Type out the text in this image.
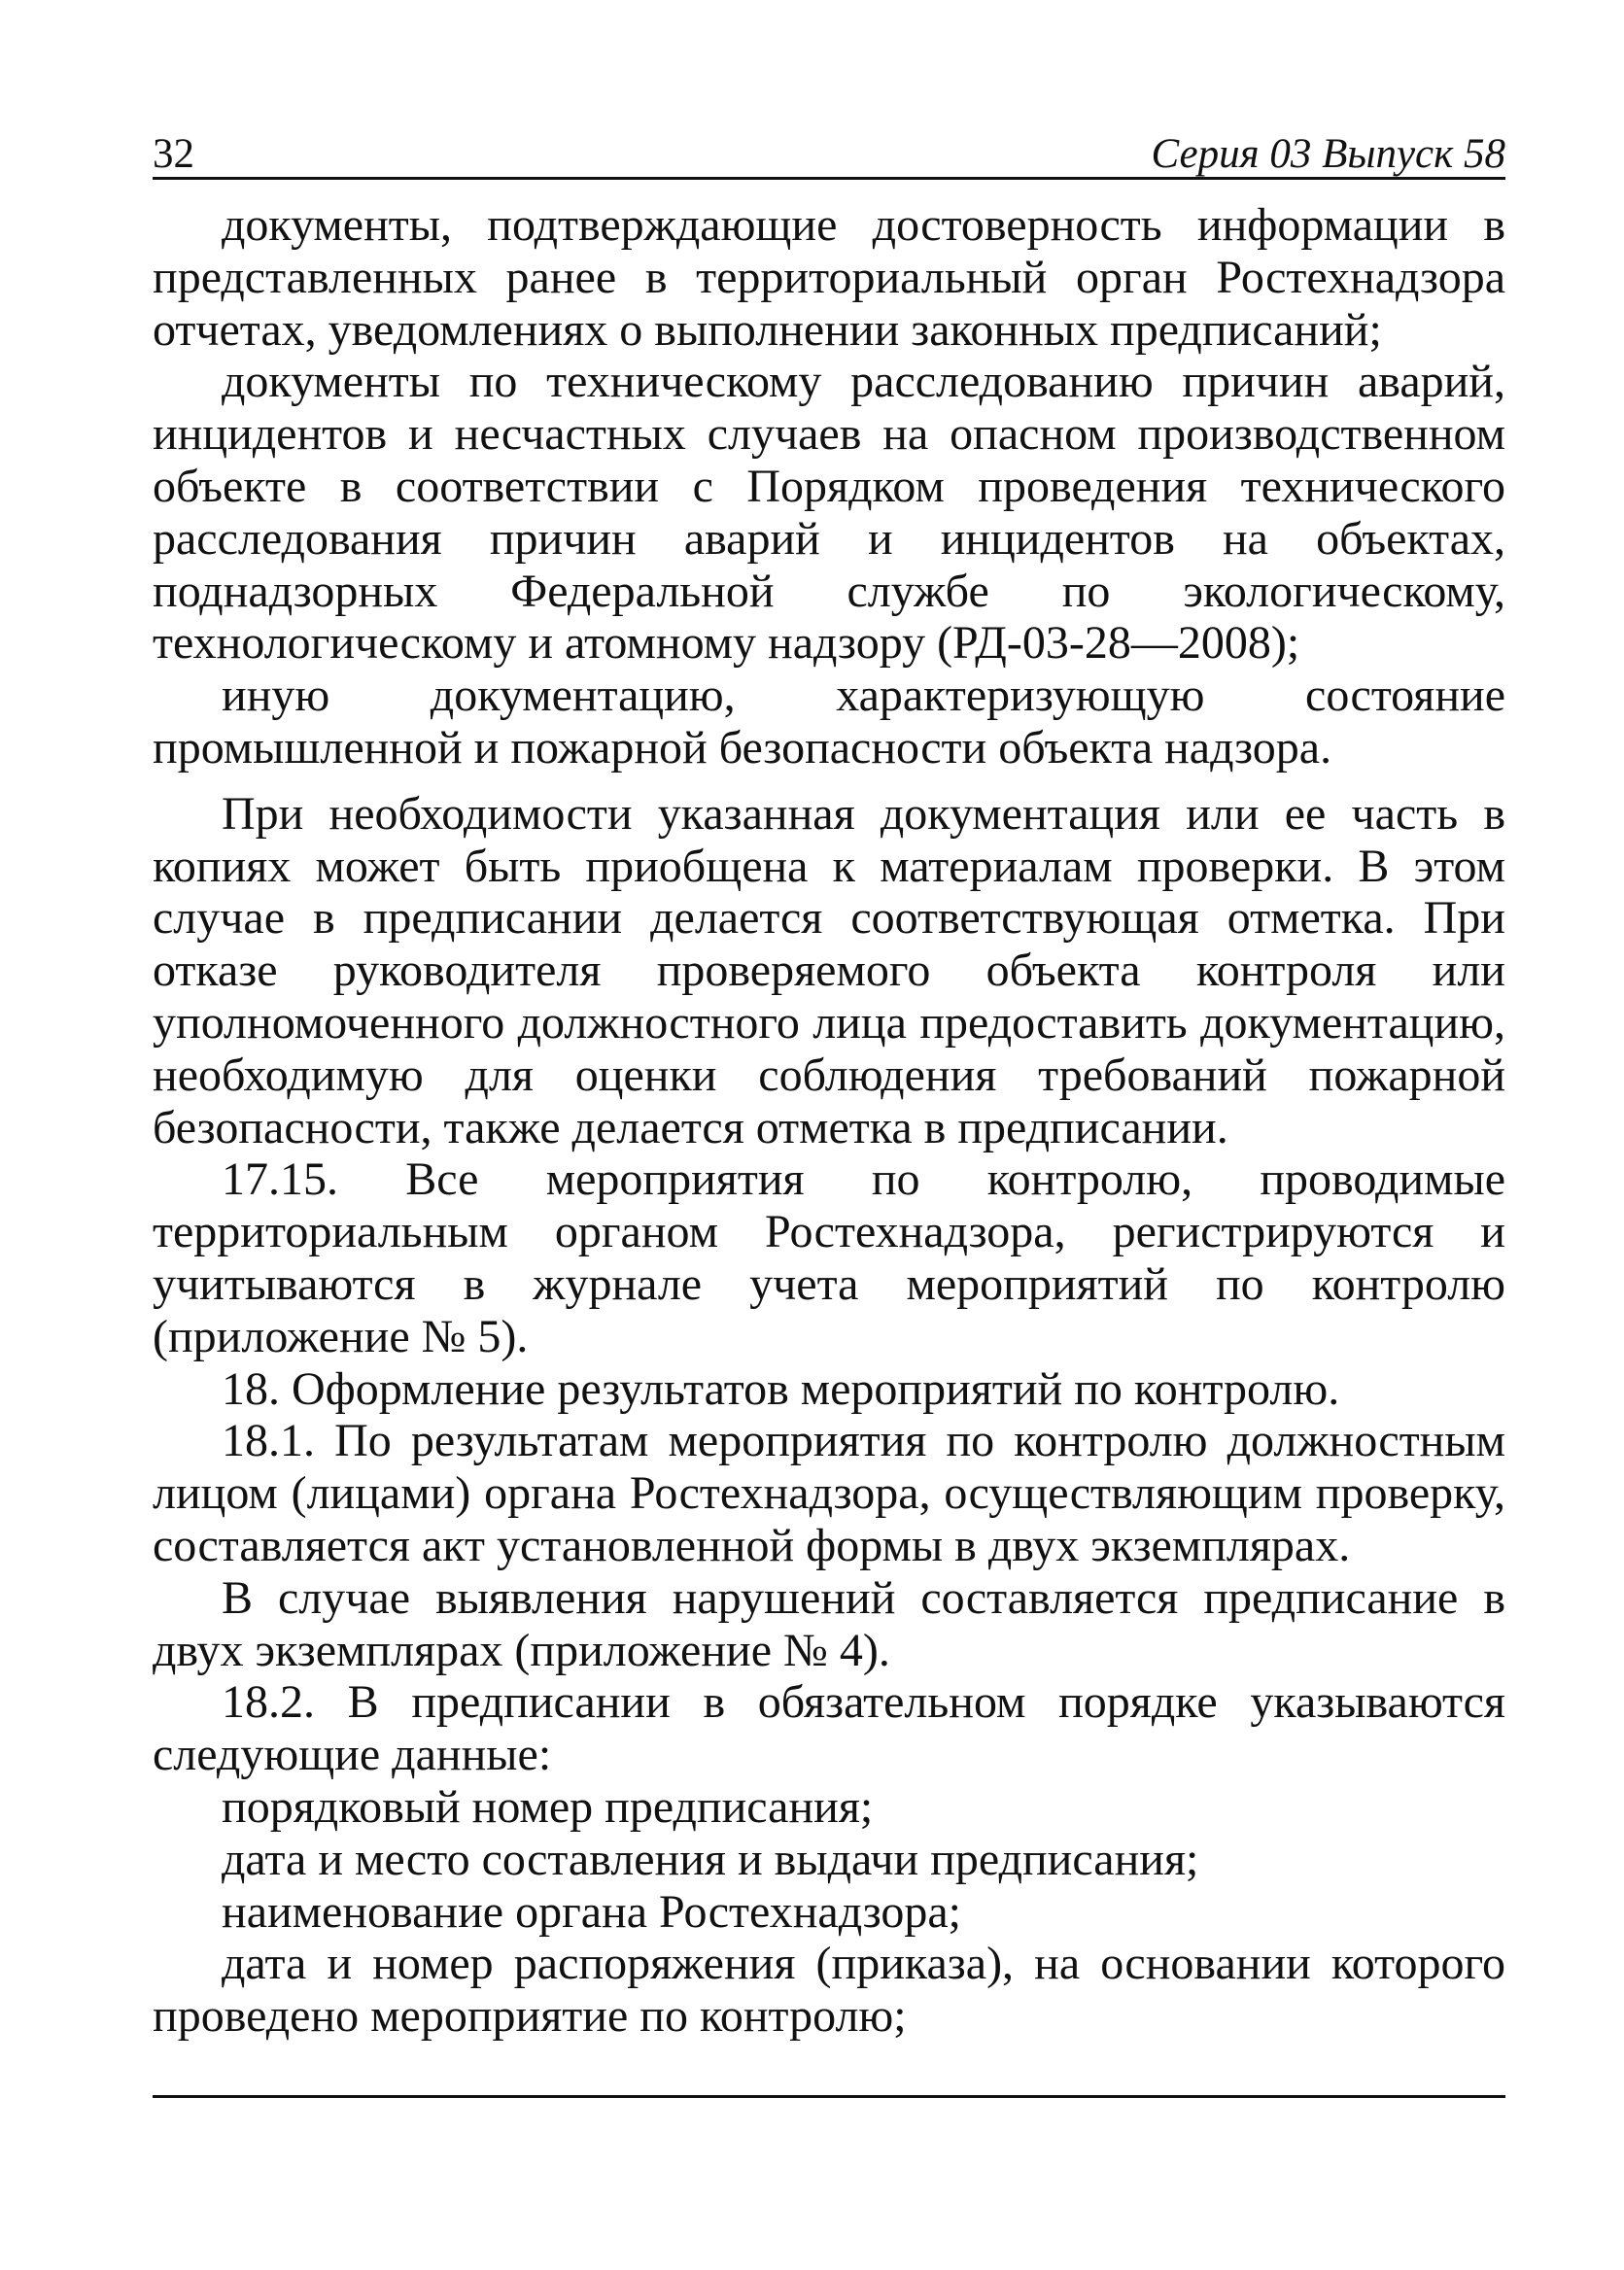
32	Серия 03 Выпуск 58

документы, подтверждающие достоверность информации в представленных ранее в территориальный орган Ростехнадзора отчетах, уведомлениях о выполнении законных предписаний;

документы по техническому расследованию причин аварий, инцидентов и несчастных случаев на опасном производственном объекте в соответствии с Порядком проведения технического расследования причин аварий и инцидентов на объектах, поднадзорных Федеральной службе по экологическому, технологическому и атомному надзору (РД-03-28—2008);

иную документацию, характеризующую состояние промышленной и пожарной безопасности объекта надзора.

При необходимости указанная документация или ее часть в копиях может быть приобщена к материалам проверки. В этом случае в предписании делается соответствующая отметка. При отказе руководителя проверяемого объекта контроля или уполномоченного должностного лица предоставить документацию, необходимую для оценки соблюдения требований пожарной безопасности, также делается отметка в предписании.

17.15. Все мероприятия по контролю, проводимые территориальным органом Ростехнадзора, регистрируются и учитываются в журнале учета мероприятий по контролю (приложение № 5).

18. Оформление результатов мероприятий по контролю.

18.1. По результатам мероприятия по контролю должностным лицом (лицами) органа Ростехнадзора, осуществляющим проверку, составляется акт установленной формы в двух экземплярах.

В случае выявления нарушений составляется предписание в двух экземплярах (приложение № 4).

18.2. В предписании в обязательном порядке указываются следующие данные:

порядковый номер предписания;

дата и место составления и выдачи предписания;

наименование органа Ростехнадзора;

дата и номер распоряжения (приказа), на основании которого проведено мероприятие по контролю;
